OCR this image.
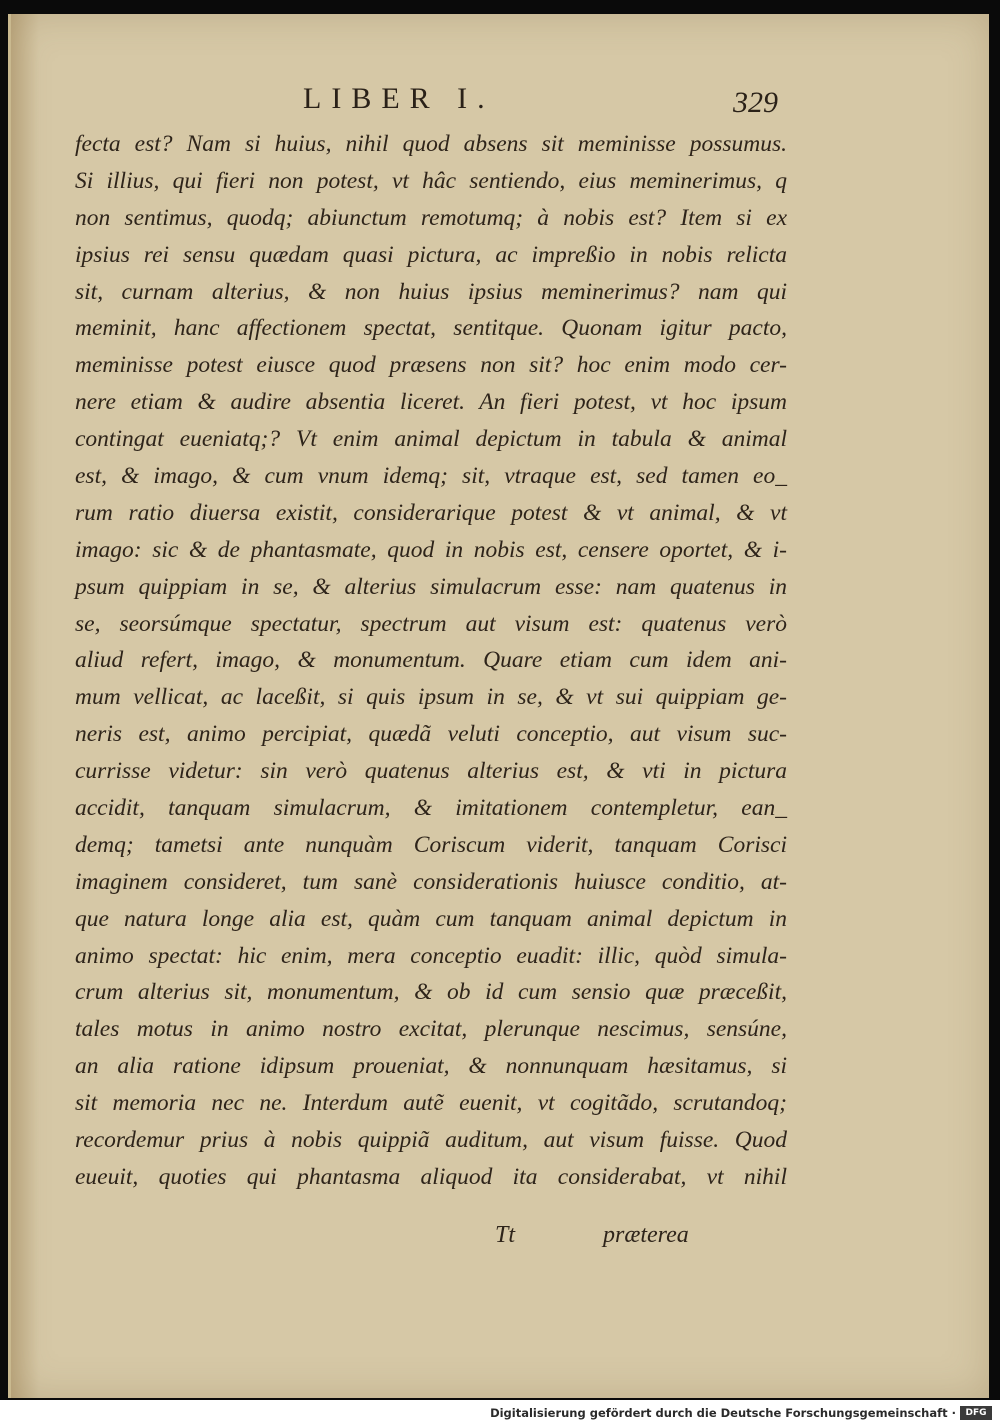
LIBER I.	329
fecta est? Nam si huius, nihil quod absens sit meminisse possumus.
Si illius, qui fieri non potest, vt hâc sentiendo, eius meminerimus, q
non sentimus, quodq; abiunctum remotumq; à nobis est? Item si ex
ipsius rei sensu quædam quasi pictura, ac impreßio in nobis relicta
sit, curnam alterius, & non huius ipsius meminerimus? nam qui
meminit, hanc affectionem spectat, sentitque. Quonam igitur pacto,
meminisse potest eiusce quod præsens non sit? hoc enim modo cer-
nere etiam & audire absentia liceret. An fieri potest, vt hoc ipsum
contingat eueniatq;? Vt enim animal depictum in tabula & animal
est, & imago, & cum vnum idemq; sit, vtraque est, sed tamen eo_
rum ratio diuersa existit, considerarique potest & vt animal, & vt
imago: sic & de phantasmate, quod in nobis est, censere oportet, & i-
psum quippiam in se, & alterius simulacrum esse: nam quatenus in
se, seorsúmque spectatur, spectrum aut visum est: quatenus verò
aliud refert, imago, & monumentum. Quare etiam cum idem ani-
mum vellicat, ac laceßit, si quis ipsum in se, & vt sui quippiam ge-
neris est, animo percipiat, quædã veluti conceptio, aut visum suc-
currisse videtur: sin verò quatenus alterius est, & vti in pictura
accidit, tanquam simulacrum, & imitationem contempletur, ean_
demq; tametsi ante nunquàm Coriscum viderit, tanquam Corisci
imaginem consideret, tum sanè considerationis huiusce conditio, at-
que natura longe alia est, quàm cum tanquam animal depictum in
animo spectat: hic enim, mera conceptio euadit: illic, quòd simula-
crum alterius sit, monumentum, & ob id cum sensio quæ præceßit,
tales motus in animo nostro excitat, plerunque nescimus, sensúne,
an alia ratione idipsum proueniat, & nonnunquam hæsitamus, si
sit memoria nec ne. Interdum autẽ euenit, vt cogitãdo, scrutandoq;
recordemur prius à nobis quippiã auditum, aut visum fuisse. Quod
eueuit, quoties qui phantasma aliquod ita considerabat, vt nihil
Tt	præterea
Digitalisierung gefördert durch die Deutsche Forschungsgemeinschaft ·	DFG
